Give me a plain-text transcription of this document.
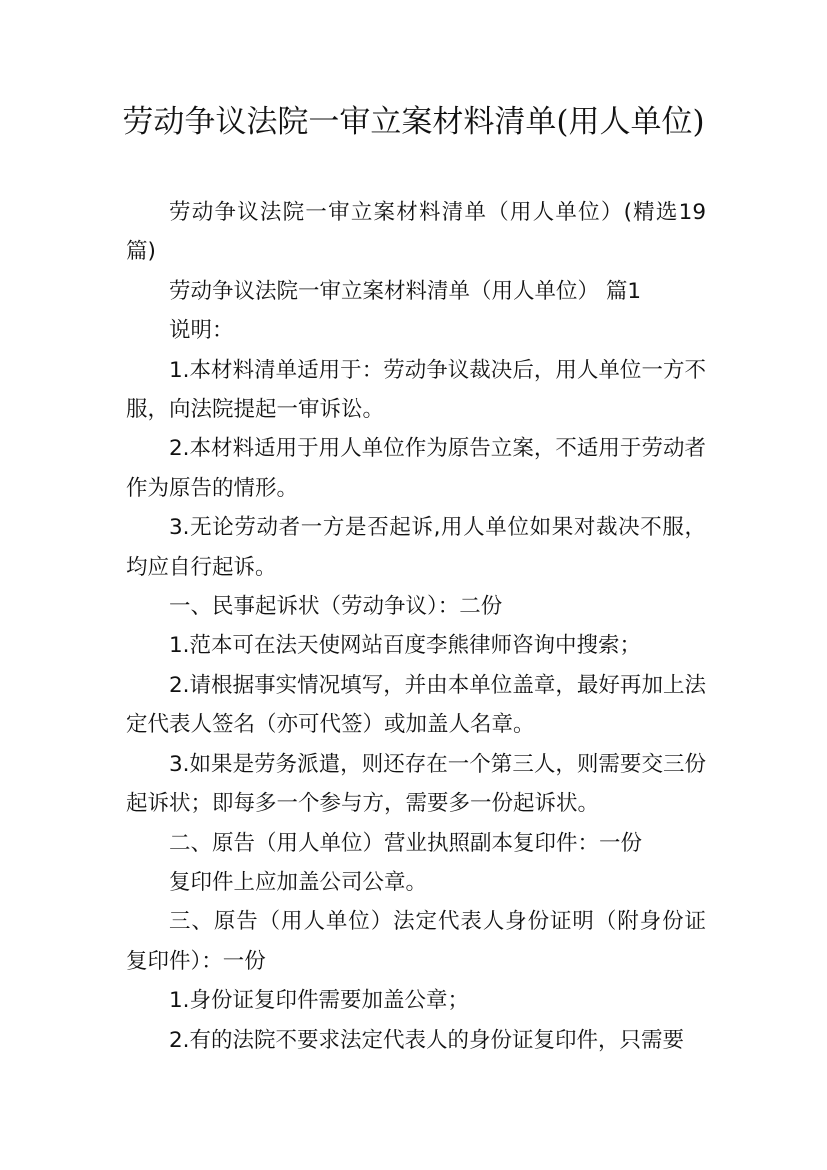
劳动争议法院一审立案材料清单(用人单位)

劳动争议法院一审立案材料清单（用人单位）(精选19篇)

劳动争议法院一审立案材料清单（用人单位） 篇1

说明：

1.本材料清单适用于：劳动争议裁决后，用人单位一方不服，向法院提起一审诉讼。

2.本材料适用于用人单位作为原告立案，不适用于劳动者作为原告的情形。

3.无论劳动者一方是否起诉,用人单位如果对裁决不服，均应自行起诉。

一、民事起诉状（劳动争议）：二份

1.范本可在法天使网站百度李熊律师咨询中搜索；

2.请根据事实情况填写，并由本单位盖章，最好再加上法定代表人签名（亦可代签）或加盖人名章。

3.如果是劳务派遣，则还存在一个第三人，则需要交三份起诉状；即每多一个参与方，需要多一份起诉状。

二、原告（用人单位）营业执照副本复印件：一份

复印件上应加盖公司公章。

三、原告（用人单位）法定代表人身份证明（附身份证复印件）：一份

1.身份证复印件需要加盖公章；

2.有的法院不要求法定代表人的身份证复印件，只需要
